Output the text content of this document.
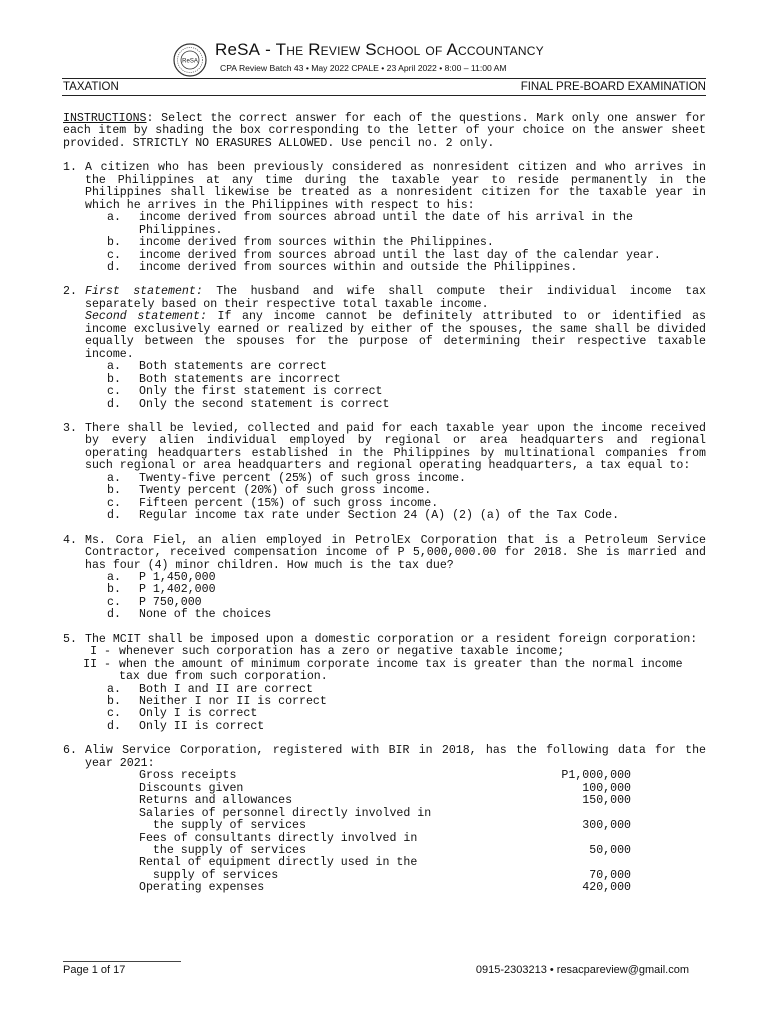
ReSA
ReSA - The Review School of Accountancy
CPA Review Batch 43 • May 2022 CPALE • 23 April 2022 • 8:00 – 11:00 AM
TAXATION	FINAL PRE-BOARD EXAMINATION

INSTRUCTIONS: Select the correct answer for each of the questions. Mark only one answer for each item by shading the box corresponding to the letter of your choice on the answer sheet provided. STRICTLY NO ERASURES ALLOWED. Use pencil no. 2 only.

1. A citizen who has been previously considered as nonresident citizen and who arrives in the Philippines at any time during the taxable year to reside permanently in the Philippines shall likewise be treated as a nonresident citizen for the taxable year in which he arrives in the Philippines with respect to his:
a.	income derived from sources abroad until the date of his arrival in the Philippines.
b.	income derived from sources within the Philippines.
c.	income derived from sources abroad until the last day of the calendar year.
d.	income derived from sources within and outside the Philippines.
2. First statement: The husband and wife shall compute their individual income tax separately based on their respective total taxable income.
Second statement: If any income cannot be definitely attributed to or identified as income exclusively earned or realized by either of the spouses, the same shall be divided equally between the spouses for the purpose of determining their respective taxable income.
a.	Both statements are correct
b.	Both statements are incorrect
c.	Only the first statement is correct
d.	Only the second statement is correct
3. There shall be levied, collected and paid for each taxable year upon the income received by every alien individual employed by regional or area headquarters and regional operating headquarters established in the Philippines by multinational companies from such regional or area headquarters and regional operating headquarters, a tax equal to:
a.	Twenty-five percent (25%) of such gross income.
b.	Twenty percent (20%) of such gross income.
c.	Fifteen percent (15%) of such gross income.
d.	Regular income tax rate under Section 24 (A) (2) (a) of the Tax Code.
4. Ms. Cora Fiel, an alien employed in PetrolEx Corporation that is a Petroleum Service Contractor, received compensation income of P 5,000,000.00 for 2018. She is married and has four (4) minor children. How much is the tax due?
a.	P 1,450,000
b.	P 1,402,000
c.	P 750,000
d.	None of the choices
5. The MCIT shall be imposed upon a domestic corporation or a resident foreign corporation:
I - whenever such corporation has a zero or negative taxable income;
II - when the amount of minimum corporate income tax is greater than the normal income tax due from such corporation.
a.	Both I and II are correct
b.	Neither I nor II is correct
c.	Only I is correct
d.	Only II is correct
6. Aliw Service Corporation, registered with BIR in 2018, has the following data for the year 2021:
Gross receipts	P1,000,000
Discounts given	100,000
Returns and allowances	150,000
Salaries of personnel directly involved in
the supply of services	300,000
Fees of consultants directly involved in
the supply of services	50,000
Rental of equipment directly used in the
supply of services	70,000
Operating expenses	420,000
Page 1 of 17	0915-2303213 • resacpareview@gmail.com
